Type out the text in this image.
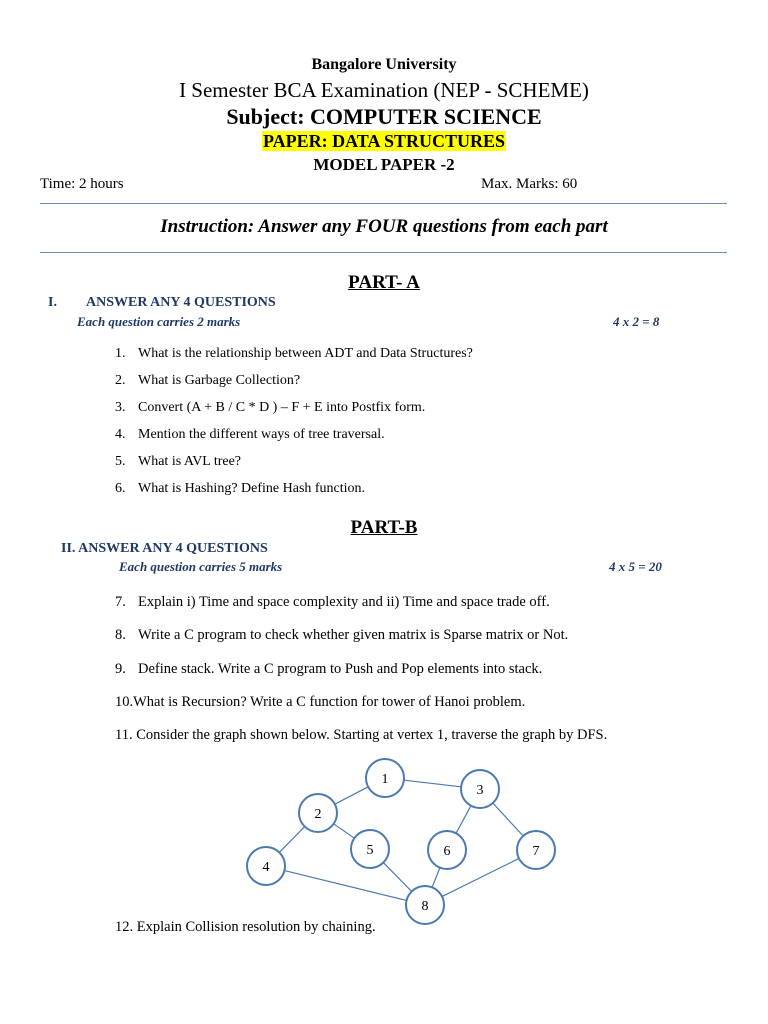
Bangalore University
I Semester BCA Examination (NEP - SCHEME)
Subject: COMPUTER SCIENCE
PAPER: DATA STRUCTURES
MODEL PAPER -2
Time: 2 hours	Max. Marks: 60
Instruction: Answer any FOUR questions from each part
PART- A
I. ANSWER ANY 4 QUESTIONS
Each question carries 2 marks	4 x 2 = 8
1. What is the relationship between ADT and Data Structures?
2. What is Garbage Collection?
3. Convert (A + B / C * D ) – F + E into Postfix form.
4. Mention the different ways of tree traversal.
5. What is AVL tree?
6. What is Hashing? Define Hash function.
PART-B
II. ANSWER ANY 4 QUESTIONS
Each question carries 5 marks	4 x 5 = 20
7. Explain i) Time and space complexity and ii) Time and space trade off.
8. Write a C program to check whether given matrix is Sparse matrix or Not.
9. Define stack. Write a C program to Push and Pop elements into stack.
10.What is Recursion? Write a C function for tower of Hanoi problem.
11. Consider the graph shown below. Starting at vertex 1, traverse the graph by DFS.
1
2
3
4
5	6	7
8
12. Explain Collision resolution by chaining.
